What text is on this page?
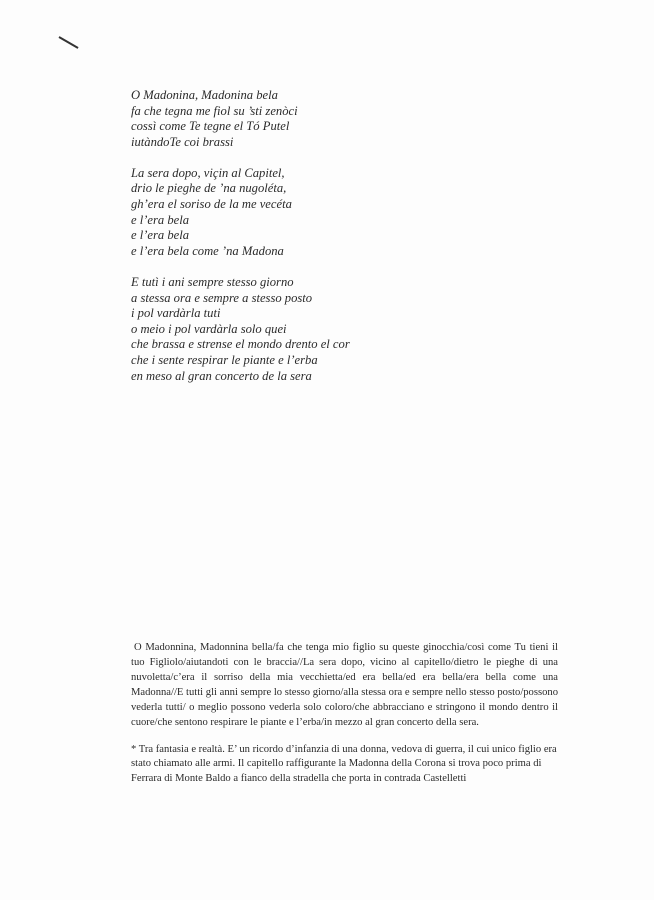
O Madonina, Madonina bela
fa che tegna me fiol su ’sti zenòci
cossì come Te tegne el Tó Putel
iutàndoTe coi brassi
La sera dopo, viçin al Capitel,
drio le pieghe de ’na nugoléta,
gh’era el soriso de la me vecéta
e l’era bela
e l’era bela
e l’era bela come ’na Madona
E tutì i ani sempre stesso giorno
a stessa ora e sempre a stesso posto
i pol vardàrla tuti
o meio i pol vardàrla solo quei
che brassa e strense el mondo drento el cor
che i sente respirar le piante e l’erba
en meso al gran concerto de la sera

O Madonnina, Madonnina bella/fa che tenga mio figlio su queste ginocchia/così come Tu tieni il tuo Figliolo/aiutandoti con le braccia//La sera dopo, vicino al capitello/dietro le pieghe di una nuvoletta/c’era il sorriso della mia vecchietta/ed era bella/ed era bella/era bella come una Madonna//E tutti gli anni sempre lo stesso giorno/alla stessa ora e sempre nello stesso posto/possono vederla tutti/ o meglio possono vederla solo coloro/che abbracciano e stringono il mondo dentro il cuore/che sentono respirare le piante e l’erba/in mezzo al gran concerto della sera.

* Tra fantasia e realtà. E’ un ricordo d’infanzia di una donna, vedova di guerra, il cui unico figlio era stato chiamato alle armi. Il capitello raffigurante la Madonna della Corona si trova poco prima di Ferrara di Monte Baldo a fianco della stradella che porta in contrada Castelletti
